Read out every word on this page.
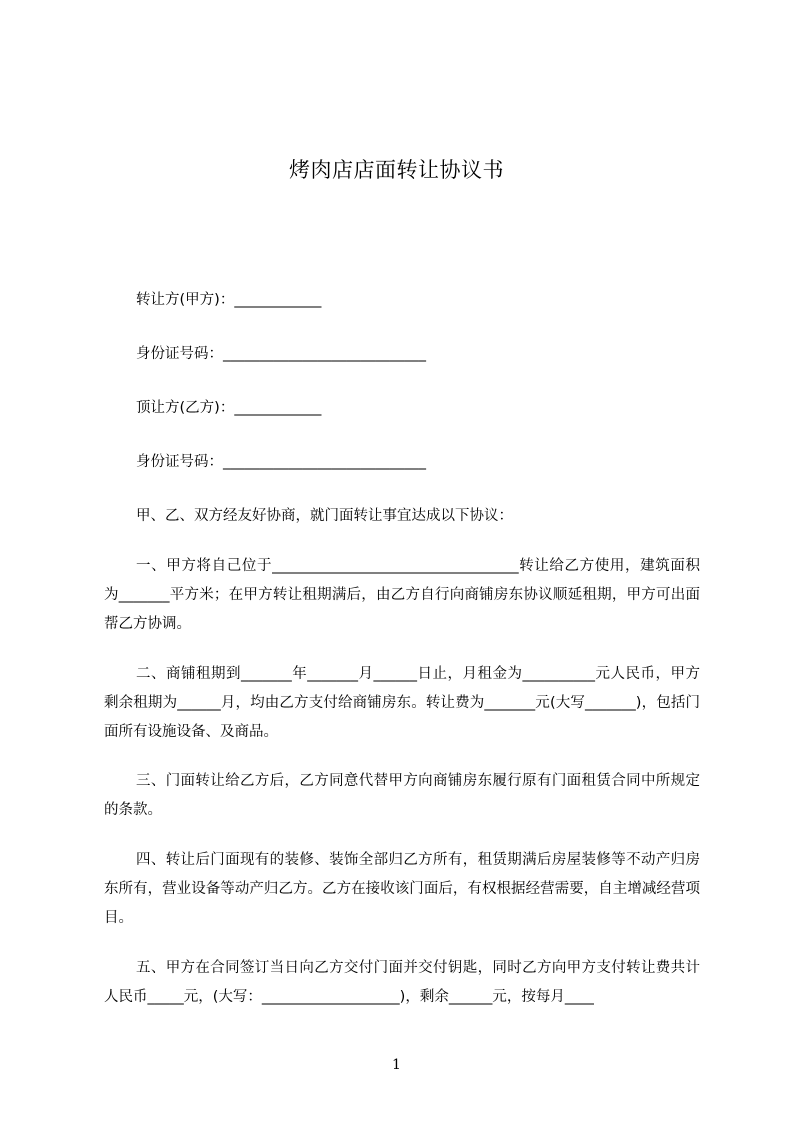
烤肉店店面转让协议书
转让方(甲方)：____________
身份证号码：____________________________
顶让方(乙方)：____________
身份证号码：____________________________
甲、乙、双方经友好协商，就门面转让事宜达成以下协议：

一、甲方将自己位于__________________________________转让给乙方使用，建筑面积为_______平方米；在甲方转让租期满后，由乙方自行向商铺房东协议顺延租期，甲方可出面帮乙方协调。

二、商铺租期到_______年_______月______日止，月租金为__________元人民币，甲方剩余租期为______月，均由乙方支付给商铺房东。转让费为_______元(大写_______)，包括门面所有设施设备、及商品。

三、门面转让给乙方后，乙方同意代替甲方向商铺房东履行原有门面租赁合同中所规定的条款。

四、转让后门面现有的装修、装饰全部归乙方所有，租赁期满后房屋装修等不动产归房东所有，营业设备等动产归乙方。乙方在接收该门面后，有权根据经营需要，自主增减经营项目。

五、甲方在合同签订当日向乙方交付门面并交付钥匙，同时乙方向甲方支付转让费共计人民币_____元，(大写：___________________)，剩余______元，按每月____

1
